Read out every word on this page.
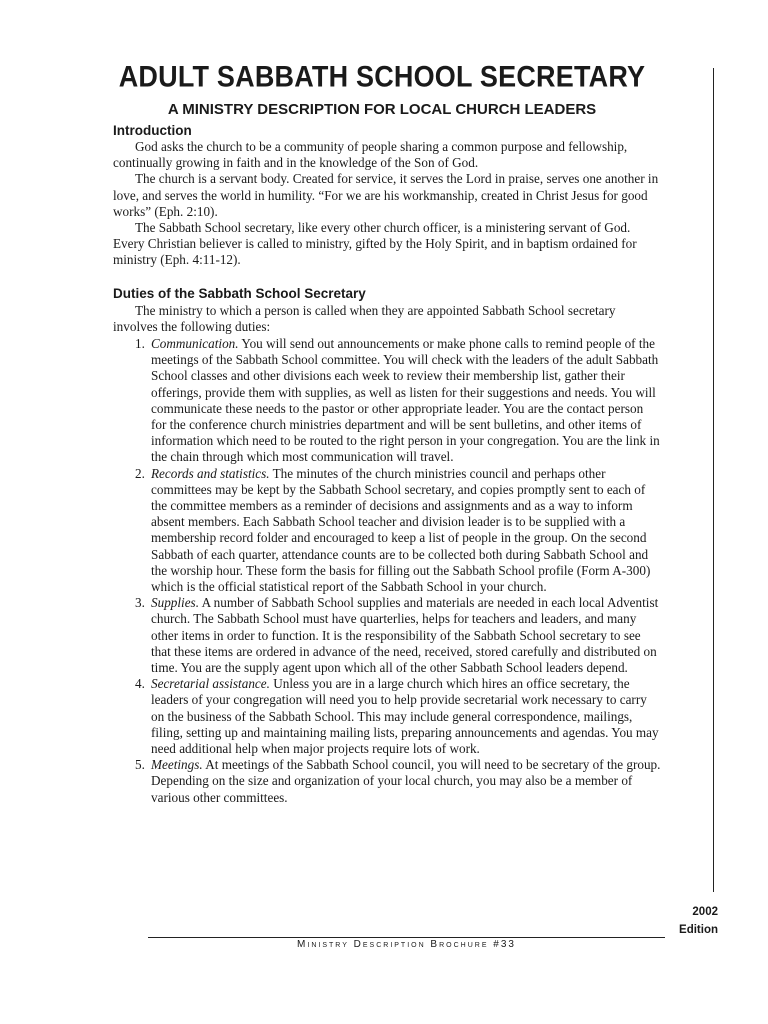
ADULT SABBATH SCHOOL SECRETARY
A MINISTRY DESCRIPTION FOR LOCAL CHURCH LEADERS
Introduction

God asks the church to be a community of people sharing a common purpose and fellowship, continually growing in faith and in the knowledge of the Son of God.

The church is a servant body. Created for service, it serves the Lord in praise, serves one another in love, and serves the world in humility. “For we are his workmanship, created in Christ Jesus for good works” (Eph. 2:10).

The Sabbath School secretary, like every other church officer, is a ministering servant of God. Every Christian believer is called to ministry, gifted by the Holy Spirit, and in baptism ordained for ministry (Eph. 4:11-12).

Duties of the Sabbath School Secretary

The ministry to which a person is called when they are appointed Sabbath School secretary involves the following duties:

1. Communication. You will send out announcements or make phone calls to remind people of the meetings of the Sabbath School committee. You will check with the leaders of the adult Sabbath School classes and other divisions each week to review their membership list, gather their offerings, provide them with supplies, as well as listen for their suggestions and needs. You will communicate these needs to the pastor or other appropriate leader. You are the contact person for the conference church ministries department and will be sent bulletins, and other items of information which need to be routed to the right person in your congregation. You are the link in the chain through which most communication will travel.
2. Records and statistics. The minutes of the church ministries council and perhaps other committees may be kept by the Sabbath School secretary, and copies promptly sent to each of the committee members as a reminder of decisions and assignments and as a way to inform absent members. Each Sabbath School teacher and division leader is to be supplied with a membership record folder and encouraged to keep a list of people in the group. On the second Sabbath of each quarter, attendance counts are to be collected both during Sabbath School and the worship hour. These form the basis for filling out the Sabbath School profile (Form A-300) which is the official statistical report of the Sabbath School in your church.
3. Supplies. A number of Sabbath School supplies and materials are needed in each local Adventist church. The Sabbath School must have quarterlies, helps for teachers and leaders, and many other items in order to function. It is the responsibility of the Sabbath School secretary to see that these items are ordered in advance of the need, received, stored carefully and distributed on time. You are the supply agent upon which all of the other Sabbath School leaders depend.
4. Secretarial assistance. Unless you are in a large church which hires an office secretary, the leaders of your congregation will need you to help provide secretarial work necessary to carry on the business of the Sabbath School. This may include general correspondence, mailings, filing, setting up and maintaining mailing lists, preparing announcements and agendas. You may need additional help when major projects require lots of work.
5. Meetings. At meetings of the Sabbath School council, you will need to be secretary of the group. Depending on the size and organization of your local church, you may also be a member of various other committees.
2002
Edition
Ministry Description Brochure #33
